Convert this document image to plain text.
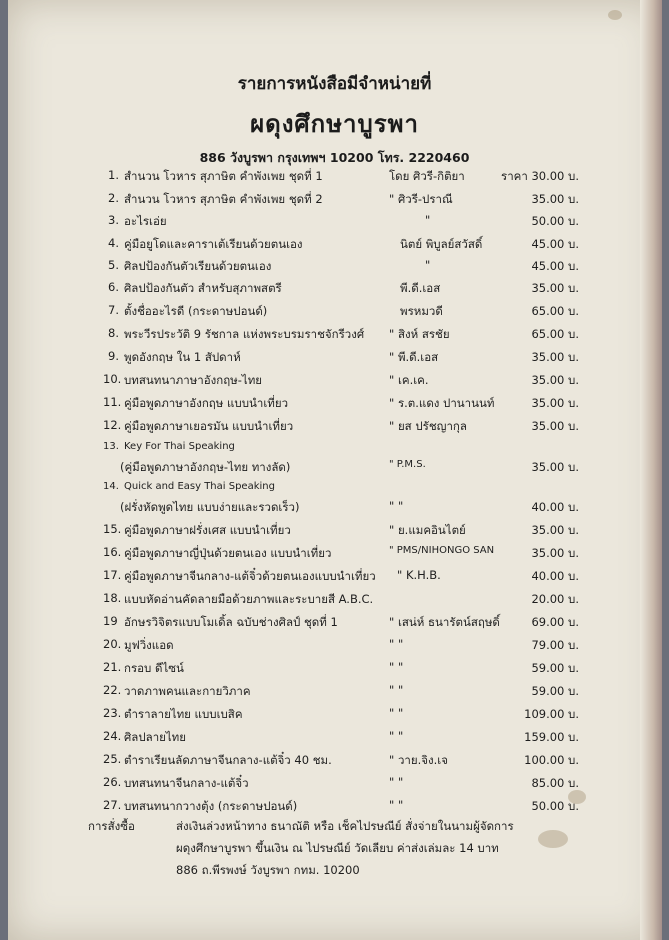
รายการหนังสือมีจำหน่ายที่
ผดุงศึกษาบูรพา
886 วังบูรพา กรุงเทพฯ 10200 โทร. 2220460
1. สำนวน โวหาร สุภาษิต คำพังเพย ชุดที่ 1	โดย ศิวรี-กิติยา	ราคา 30.00 บ.
2. สำนวน โวหาร สุภาษิต คำพังเพย ชุดที่ 2	" ศิวรี-ปราณี	35.00 บ.
3. อะไรเอ่ย	"	50.00 บ.
4. คู่มือยูโดและคาราเต้เรียนด้วยตนเอง	นิตย์ พิบูลย์สวัสดิ์	45.00 บ.
5. ศิลปป้องกันตัวเรียนด้วยตนเอง	"	45.00 บ.
6. ศิลปป้องกันตัว สำหรับสุภาพสตรี	พี.ดี.เอส	35.00 บ.
7. ตั้งชื่ออะไรดี (กระดาษปอนด์)	พรหมวดี	65.00 บ.
8. พระวีรประวัติ 9 รัชกาล แห่งพระบรมราชจักรีวงศ์ " สิงห์ สรชัย	65.00 บ.
9. พูดอังกฤษ ใน 1 สัปดาห์	" พี.ดี.เอส	35.00 บ.
10. บทสนทนาภาษาอังกฤษ-ไทย	" เค.เค.	35.00 บ.
11. คู่มือพูดภาษาอังกฤษ แบบนำเที่ยว	" ร.ต.แดง ปานานนท์	35.00 บ.
12. คู่มือพูดภาษาเยอรมัน แบบนำเที่ยว	" ยส ปรัชญากุล	35.00 บ.
13. Key For Thai Speaking
(คู่มือพูดภาษาอังกฤษ-ไทย ทางลัด)	" P.M.S.	35.00 บ.
14. Quick and Easy Thai Speaking
(ฝรั่งหัดพูดไทย แบบง่ายและรวดเร็ว)	" "	40.00 บ.
15. คู่มือพูดภาษาฝรั่งเศส แบบนำเที่ยว	" ย.แมคอินไตย์	35.00 บ.
16. คู่มือพูดภาษาญี่ปุ่นด้วยตนเอง แบบนำเที่ยว	" PMS/NIHONGO SAN	35.00 บ.
17. คู่มือพูดภาษาจีนกลาง-แต้จิ๋วด้วยตนเองแบบนำเที่ยว " K.H.B.	40.00 บ.
18. แบบหัดอ่านคัดลายมือด้วยภาพและระบายสี A.B.C.	20.00 บ.
19 อักษรวิจิตรแบบโมเดิ้ล ฉบับช่างศิลป์ ชุดที่ 1	" เสน่ห์ ธนารัตน์สฤษดิ์	69.00 บ.
20. มูฟวิ่งแอด	" "	79.00 บ.
21. กรอบ ดีไซน์	" "	59.00 บ.
22. วาดภาพคนและกายวิภาค	" "	59.00 บ.
23. ตำราลายไทย แบบเบสิค	" "	109.00 บ.
24. ศิลปลายไทย	" "	159.00 บ.
25. ตำราเรียนลัดภาษาจีนกลาง-แต้จิ๋ว 40 ชม.	" วาย.จิง.เจ	100.00 บ.
26. บทสนทนาจีนกลาง-แต้จิ๋ว	" "	85.00 บ.
27. บทสนทนากวางตุ้ง (กระดาษปอนด์)	" "	50.00 บ.
การสั่งซื้อ	ส่งเงินล่วงหน้าทาง ธนาณัติ หรือ เช็คไปรษณีย์ สั่งจ่ายในนามผู้จัดการ
ผดุงศึกษาบูรพา ขึ้นเงิน ณ ไปรษณีย์ วัดเลียบ ค่าส่งเล่มละ 14 บาท
886 ถ.พีรพงษ์ วังบูรพา กทม. 10200
